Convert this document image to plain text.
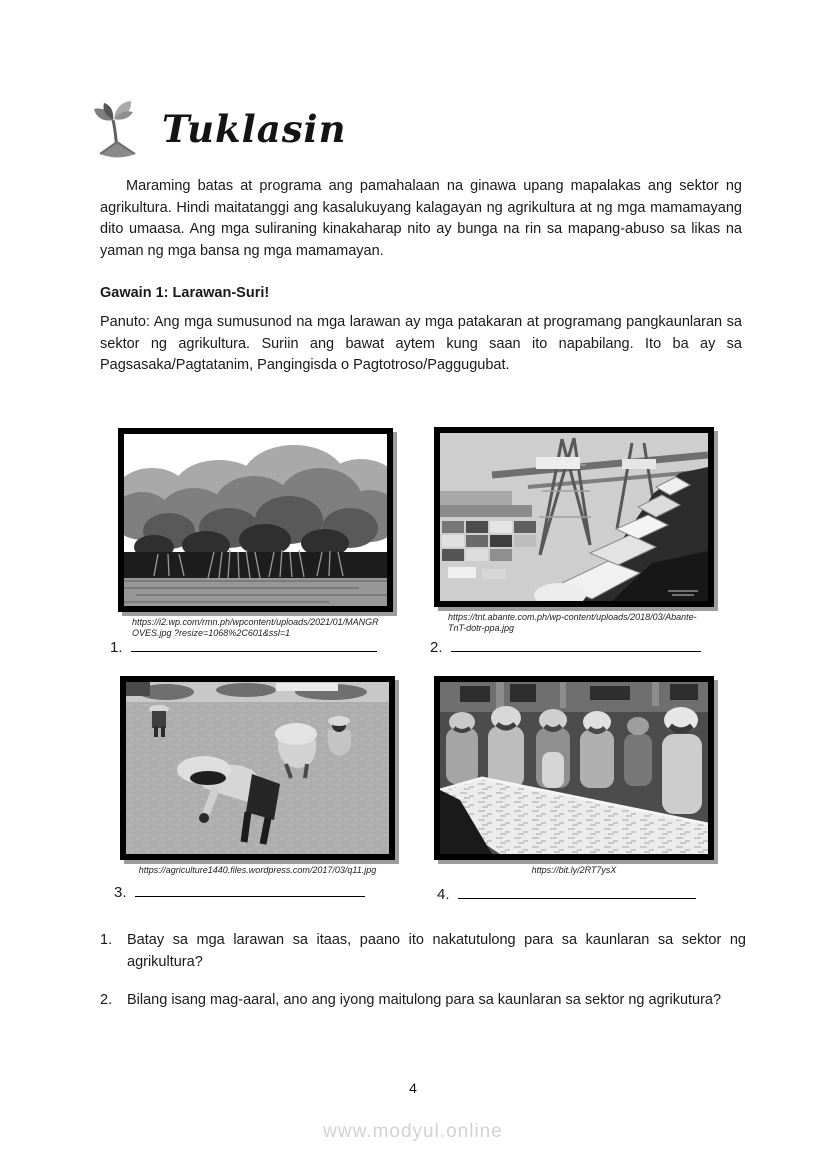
Tuklasin

Maraming batas at programa ang pamahalaan na ginawa upang mapalakas ang sektor ng agrikultura. Hindi maitatanggi ang kasalukuyang kalagayan ng agrikultura at ng mga mamamayang dito umaasa. Ang mga suliraning kinakaharap nito ay bunga na rin sa mapang-abuso sa likas na yaman ng mga bansa ng mga mamamayan.

Gawain 1: Larawan-Suri!

Panuto: Ang mga sumusunod na mga larawan ay mga patakaran at programang pangkaunlaran sa sektor ng agrikultura. Suriin ang bawat aytem kung saan ito napabilang. Ito ba ay sa Pagsasaka/Pagtatanim, Pangingisda o Pagtotroso/Paggugubat.

https://i2.wp.com/rmn.ph/wpcontent/uploads/2021/01/MANGROVES.jpg ?resize=1068%2C601&ssl=1
https://tnt.abante.com.ph/wp-content/uploads/2018/03/Abante-TnT-dotr-ppa.jpg
1.	2.
https://agriculture1440.files.wordpress.com/2017/03/q11.jpg	https://bit.ly/2RT7ysX
3.	4.
1.	Batay sa mga larawan sa itaas, paano ito nakatutulong para sa kaunlaran sa sektor ng agrikultura?

2.	Bilang isang mag-aaral, ano ang iyong maitulong para sa kaunlaran sa sektor ng agrikutura?

4
www.modyul.online
